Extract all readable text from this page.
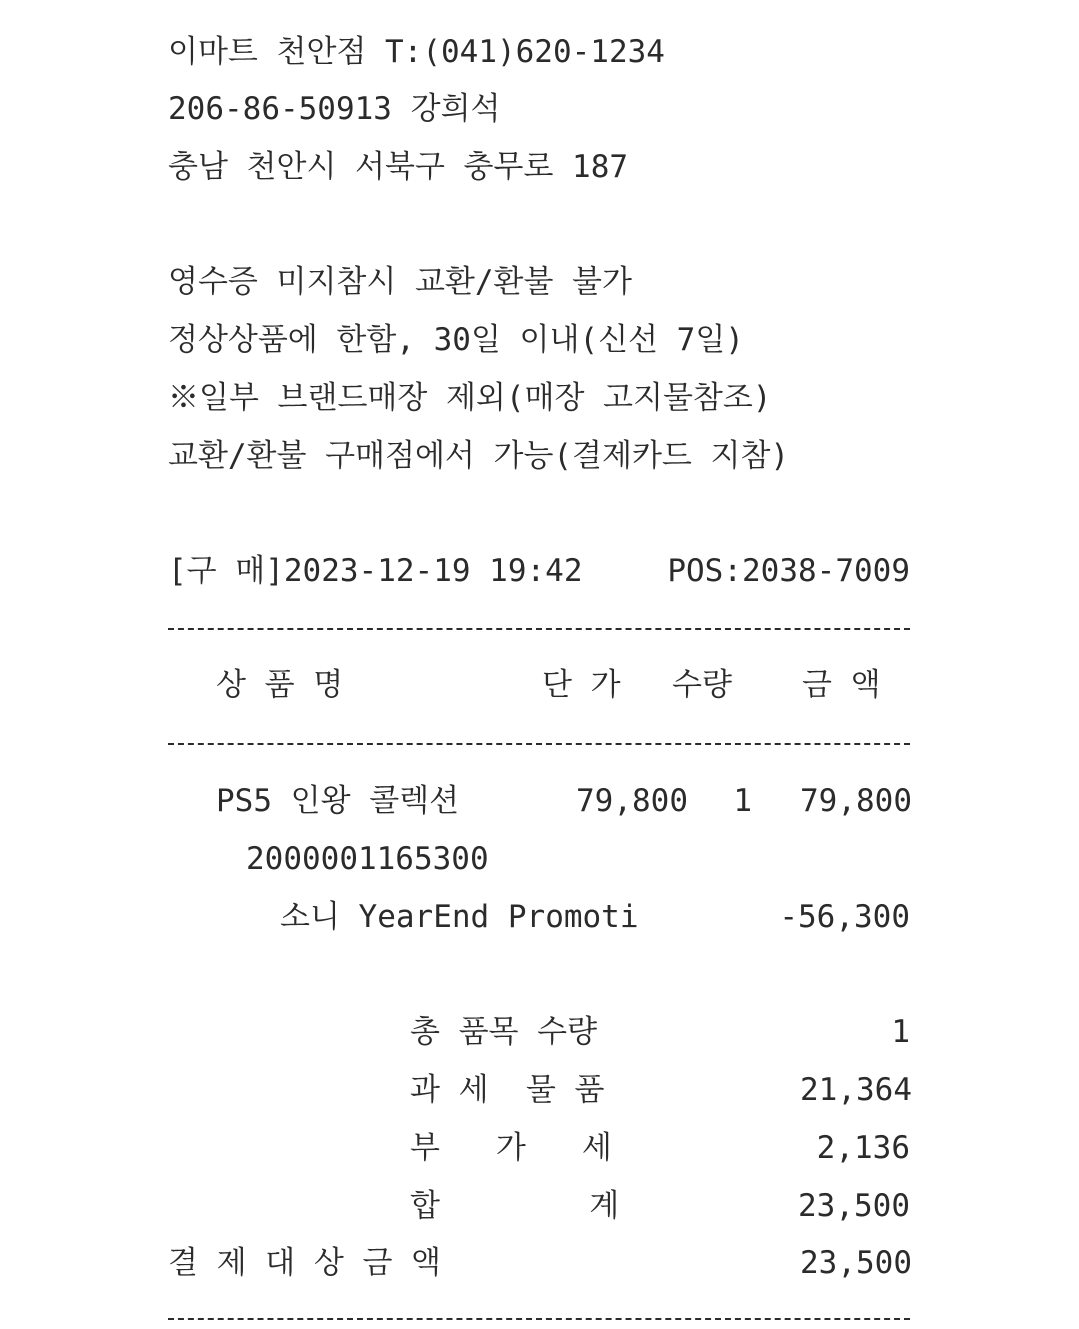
이마트 천안점 T:(041)620-1234
206-86-50913 강희석
충남 천안시 서북구 충무로 187
영수증 미지참시 교환/환불 불가
정상상품에 한함, 30일 이내(신선 7일)
※일부 브랜드매장 제외(매장 고지물참조)
교환/환불 구매점에서 가능(결제카드 지참)
[구 매]2023-12-19 19:42	POS:2038-7009
상 품 명	단 가 수량 금 액
PS5 인왕 콜렉션	79,800	1	79,800
2000001165300
소니 YearEnd Promoti	-56,300
총 품목 수량	1
과 세  물 품	21,364
부   가   세	2,136
합        계	23,500
결 제 대 상 금 액	23,500
